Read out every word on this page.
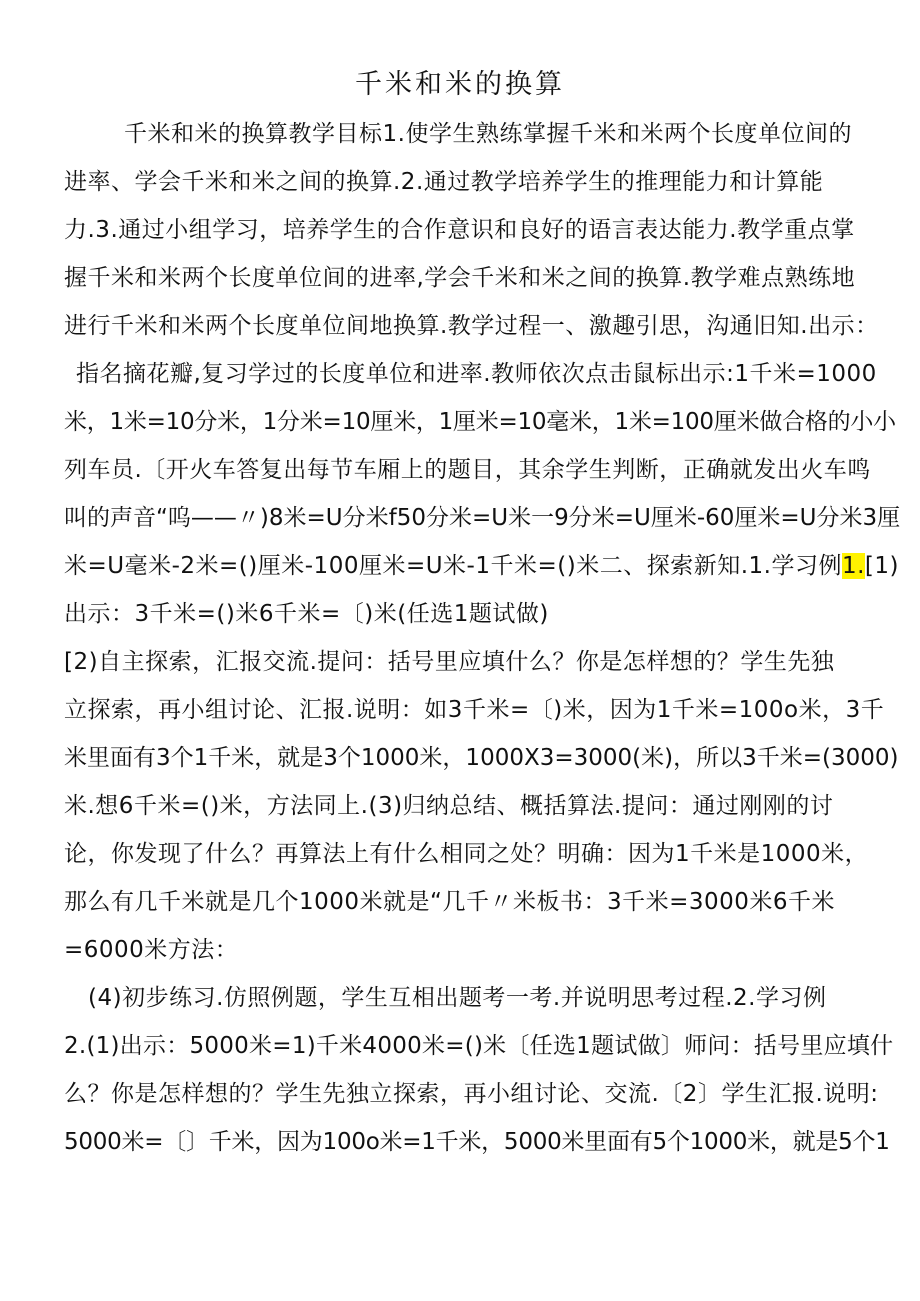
千米和米的换算
千米和米的换算教学目标1.使学生熟练掌握千米和米两个长度单位间的
进率、学会千米和米之间的换算.2.通过教学培养学生的推理能力和计算能
力.3.通过小组学习，培养学生的合作意识和良好的语言表达能力.教学重点掌
握千米和米两个长度单位间的进率,学会千米和米之间的换算.教学难点熟练地
进行千米和米两个长度单位间地换算.教学过程一、激趣引思，沟通旧知.出示：
指名摘花瓣,复习学过的长度单位和进率.教师依次点击鼠标出示:1千米=1000
米，1米=10分米，1分米=10厘米，1厘米=10毫米，1米=100厘米做合格的小小
列车员.〔开火车答复出每节车厢上的题目，其余学生判断，正确就发出火车鸣
叫的声音“呜——〃)8米=U分米f50分米=U米一9分米=U厘米-60厘米=U分米3厘
米=U毫米-2米=()厘米-100厘米=U米-1千米=()米二、探索新知.1.学习例1.[1)
出示：3千米=()米6千米=〔)米(任选1题试做)
[2)自主探索，汇报交流.提问：括号里应填什么？你是怎样想的？学生先独
立探索，再小组讨论、汇报.说明：如3千米=〔)米，因为1千米=100o米，3千
米里面有3个1千米，就是3个1000米，1000X3=3000(米)，所以3千米=(3000)
米.想6千米=()米，方法同上.(3)归纳总结、概括算法.提问：通过刚刚的讨
论，你发现了什么？再算法上有什么相同之处？明确：因为1千米是1000米，
那么有几千米就是几个1000米就是“几千〃米板书：3千米=3000米6千米
=6000米方法：
(4)初步练习.仿照例题，学生互相出题考一考.并说明思考过程.2.学习例
2.(1)出示：5000米=1)千米4000米=()米〔任选1题试做〕师问：括号里应填什
么？你是怎样想的？学生先独立探索，再小组讨论、交流.〔2〕学生汇报.说明:
5000米=〔〕千米，因为100o米=1千米，5000米里面有5个1000米，就是5个1
